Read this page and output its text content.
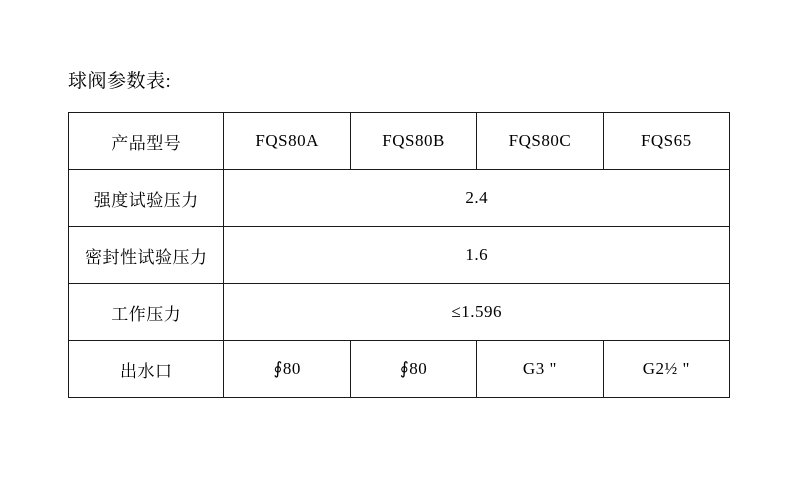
球阀参数表:
产品型号	FQS80A	FQS80B	FQS80C	FQS65
强度试验压力	2.4			
密封性试验压力	1.6			
工作压力	≤1.596			
出水口	∮80	∮80	G3 "	G2½ "
